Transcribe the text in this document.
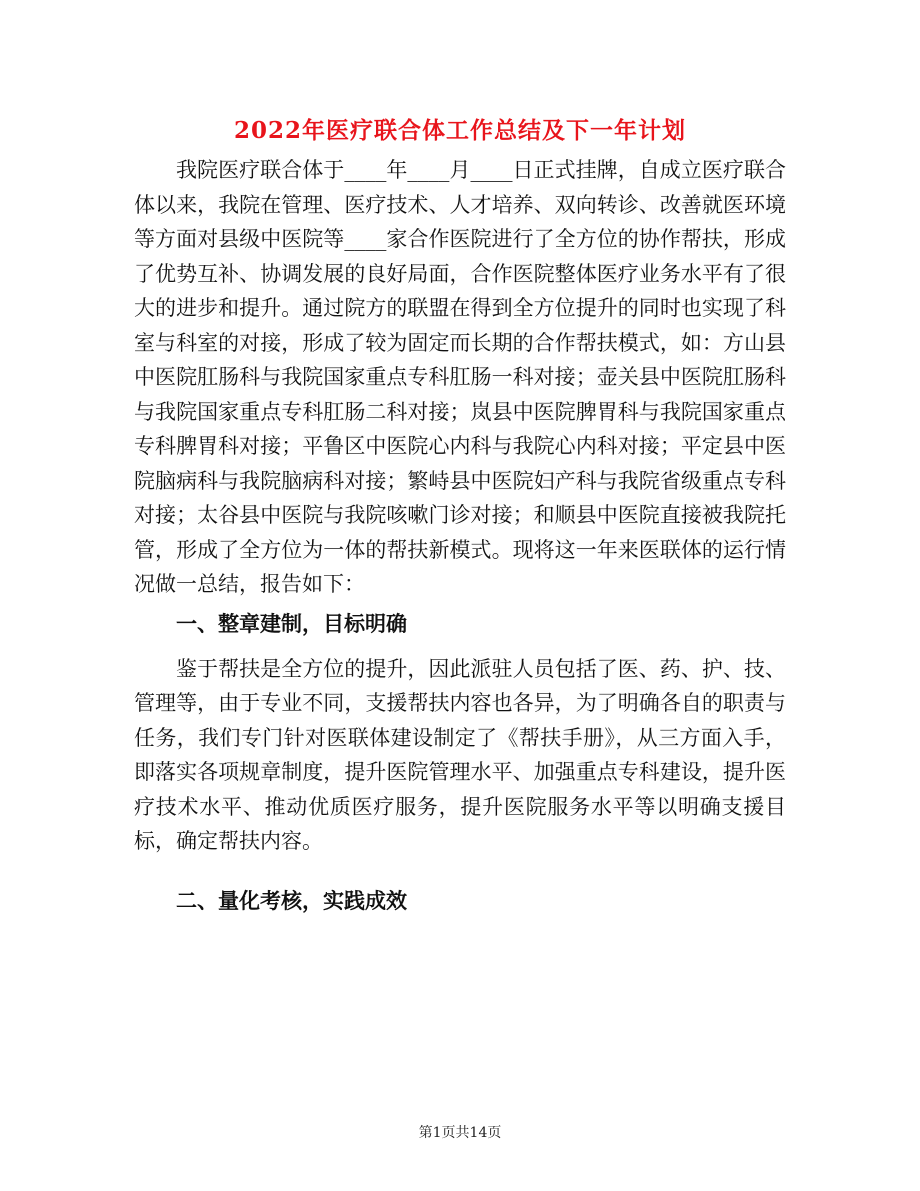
2022年医疗联合体工作总结及下一年计划

我院医疗联合体于____年____月____日正式挂牌，自成立医疗联合体以来，我院在管理、医疗技术、人才培养、双向转诊、改善就医环境等方面对县级中医院等____家合作医院进行了全方位的协作帮扶，形成了优势互补、协调发展的良好局面，合作医院整体医疗业务水平有了很大的进步和提升。通过院方的联盟在得到全方位提升的同时也实现了科室与科室的对接，形成了较为固定而长期的合作帮扶模式，如：方山县中医院肛肠科与我院国家重点专科肛肠一科对接；壶关县中医院肛肠科与我院国家重点专科肛肠二科对接；岚县中医院脾胃科与我院国家重点专科脾胃科对接；平鲁区中医院心内科与我院心内科对接；平定县中医院脑病科与我院脑病科对接；繁峙县中医院妇产科与我院省级重点专科对接；太谷县中医院与我院咳嗽门诊对接；和顺县中医院直接被我院托管，形成了全方位为一体的帮扶新模式。现将这一年来医联体的运行情况做一总结，报告如下：

一、整章建制，目标明确

鉴于帮扶是全方位的提升，因此派驻人员包括了医、药、护、技、管理等，由于专业不同，支援帮扶内容也各异，为了明确各自的职责与任务，我们专门针对医联体建设制定了《帮扶手册》，从三方面入手，即落实各项规章制度，提升医院管理水平、加强重点专科建设，提升医疗技术水平、推动优质医疗服务，提升医院服务水平等以明确支援目标，确定帮扶内容。

二、量化考核，实践成效

第1页共14页
